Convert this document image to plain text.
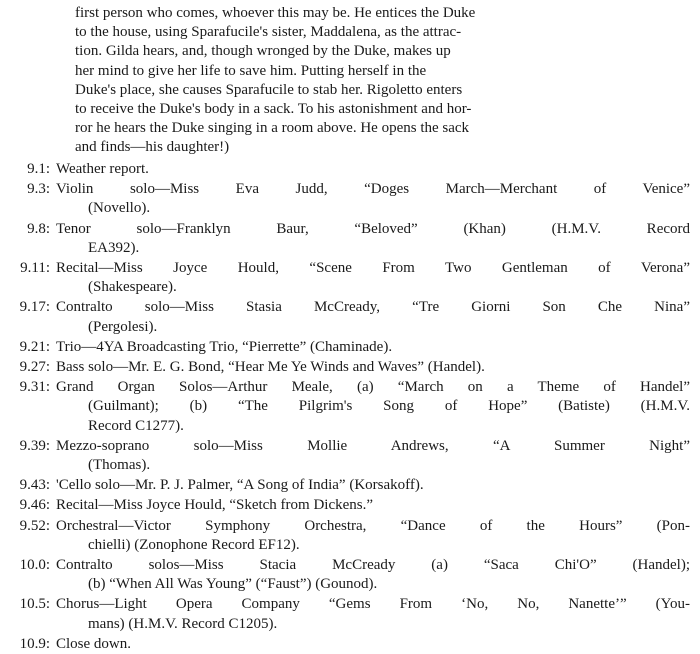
first person who comes, whoever this may be. He entices the Duke
to the house, using Sparafucile's sister, Maddalena, as the attrac-
tion. Gilda hears, and, though wronged by the Duke, makes up
her mind to give her life to save him. Putting herself in the
Duke's place, she causes Sparafucile to stab her. Rigoletto enters
to receive the Duke's body in a sack. To his astonishment and hor-
ror he hears the Duke singing in a room above. He opens the sack
and finds—his daughter!)
9.1: Weather report.
9.3: Violin solo—Miss Eva Judd, “Doges March—Merchant of Venice”
(Novello).
9.8: Tenor solo—Franklyn Baur, “Beloved” (Khan) (H.M.V. Record
EA392).
9.11: Recital—Miss Joyce Hould, “Scene From Two Gentleman of Verona”
(Shakespeare).
9.17: Contralto solo—Miss Stasia McCready, “Tre Giorni Son Che Nina”
(Pergolesi).
9.21: Trio—4YA Broadcasting Trio, “Pierrette” (Chaminade).
9.27: Bass solo—Mr. E. G. Bond, “Hear Me Ye Winds and Waves” (Handel).
9.31: Grand Organ Solos—Arthur Meale, (a) “March on a Theme of Handel”
(Guilmant); (b) “The Pilgrim's Song of Hope” (Batiste) (H.M.V.
Record C1277).
9.39: Mezzo-soprano solo—Miss Mollie Andrews, “A Summer Night”
(Thomas).
9.43: 'Cello solo—Mr. P. J. Palmer, “A Song of India” (Korsakoff).
9.46: Recital—Miss Joyce Hould, “Sketch from Dickens.”
9.52: Orchestral—Victor Symphony Orchestra, “Dance of the Hours” (Pon-
chielli) (Zonophone Record EF12).
10.0: Contralto solos—Miss Stacia McCready (a) “Saca Chi'O” (Handel);
(b) “When All Was Young” (“Faust”) (Gounod).
10.5: Chorus—Light Opera Company “Gems From ‘No, No, Nanette’” (You-
mans) (H.M.V. Record C1205).
10.9: Close down.
